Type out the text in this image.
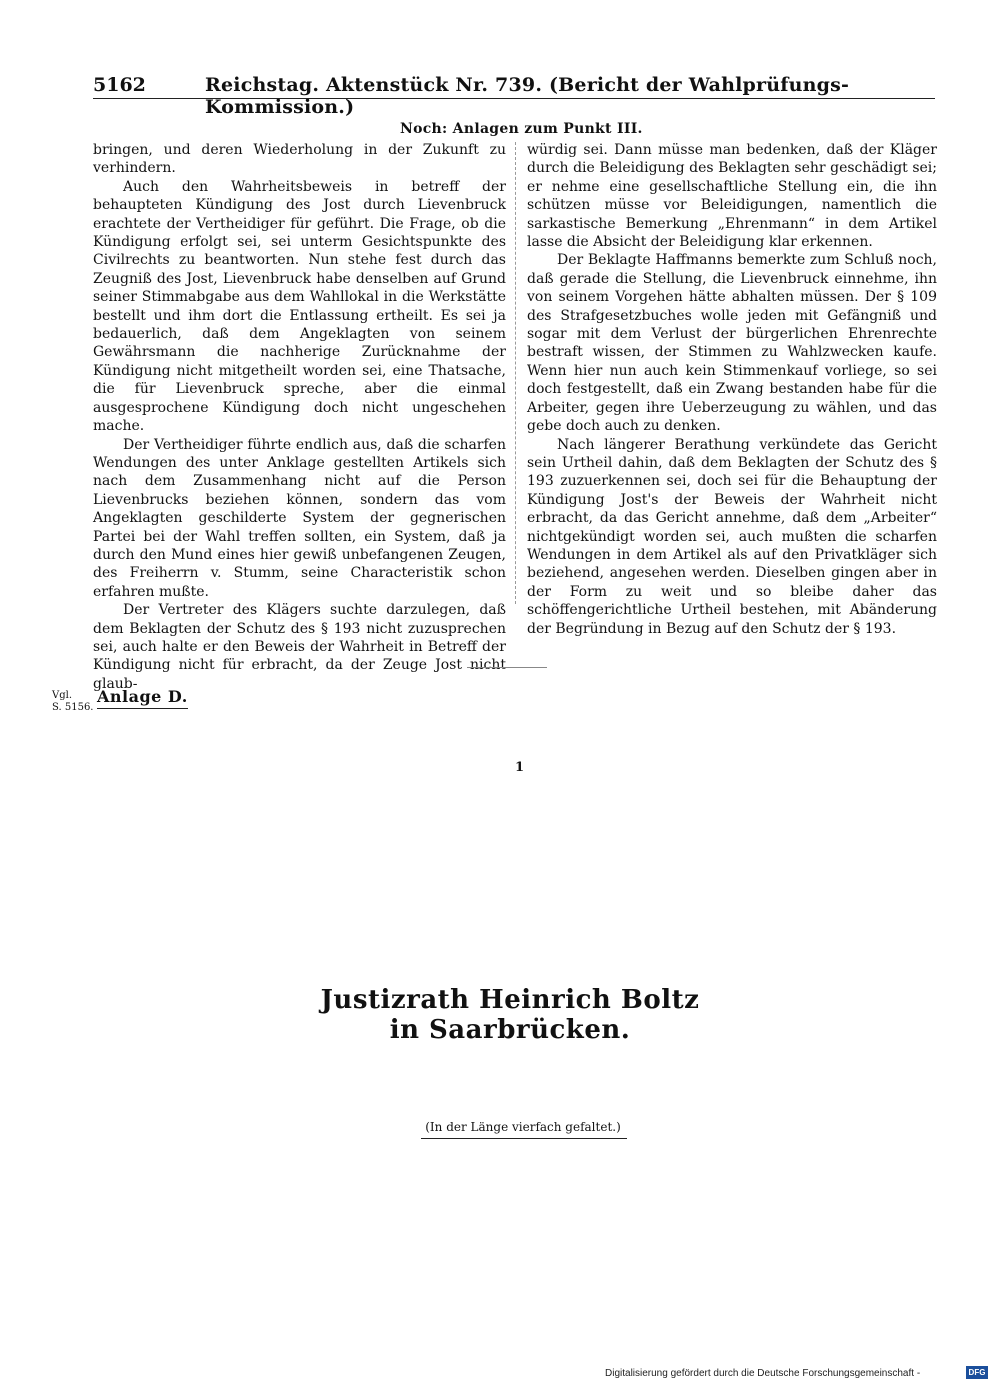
5162	Reichstag. Aktenstück Nr. 739. (Bericht der Wahlprüfungs-Kommission.)
Noch: Anlagen zum Punkt III.

bringen, und deren Wiederholung in der Zukunft zu verhindern.

Auch den Wahrheitsbeweis in betreff der behaupteten Kündigung des Jost durch Lievenbruck erachtete der Vertheidiger für geführt. Die Frage, ob die Kündigung erfolgt sei, sei unterm Gesichtspunkte des Civilrechts zu beantworten. Nun stehe fest durch das Zeugniß des Jost, Lievenbruck habe denselben auf Grund seiner Stimmabgabe aus dem Wahllokal in die Werkstätte bestellt und ihm dort die Entlassung ertheilt. Es sei ja bedauerlich, daß dem Angeklagten von seinem Gewährsmann die nachherige Zurücknahme der Kündigung nicht mitgetheilt worden sei, eine Thatsache, die für Lievenbruck spreche, aber die einmal ausgesprochene Kündigung doch nicht ungeschehen mache.

Der Vertheidiger führte endlich aus, daß die scharfen Wendungen des unter Anklage gestellten Artikels sich nach dem Zusammenhang nicht auf die Person Lievenbrucks beziehen können, sondern das vom Angeklagten geschilderte System der gegnerischen Partei bei der Wahl treffen sollten, ein System, daß ja durch den Mund eines hier gewiß unbefangenen Zeugen, des Freiherrn v. Stumm, seine Characteristik schon erfahren mußte.

Der Vertreter des Klägers suchte darzulegen, daß dem Beklagten der Schutz des § 193 nicht zuzusprechen sei, auch halte er den Beweis der Wahrheit in Betreff der Kündigung nicht für erbracht, da der Zeuge Jost nicht glaub-

würdig sei. Dann müsse man bedenken, daß der Kläger durch die Beleidigung des Beklagten sehr geschädigt sei; er nehme eine gesellschaftliche Stellung ein, die ihn schützen müsse vor Beleidigungen, namentlich die sarkastische Bemerkung „Ehrenmann“ in dem Artikel lasse die Absicht der Beleidigung klar erkennen.

Der Beklagte Haffmanns bemerkte zum Schluß noch, daß gerade die Stellung, die Lievenbruck einnehme, ihn von seinem Vorgehen hätte abhalten müssen. Der § 109 des Strafgesetzbuches wolle jeden mit Gefängniß und sogar mit dem Verlust der bürgerlichen Ehrenrechte bestraft wissen, der Stimmen zu Wahlzwecken kaufe. Wenn hier nun auch kein Stimmenkauf vorliege, so sei doch festgestellt, daß ein Zwang bestanden habe für die Arbeiter, gegen ihre Ueberzeugung zu wählen, und das gebe doch auch zu denken.

Nach längerer Berathung verkündete das Gericht sein Urtheil dahin, daß dem Beklagten der Schutz des § 193 zuzuerkennen sei, doch sei für die Behauptung der Kündigung Jost's der Beweis der Wahrheit nicht erbracht, da das Gericht annehme, daß dem „Arbeiter“ nichtgekündigt worden sei, auch mußten die scharfen Wendungen in dem Artikel als auf den Privatkläger sich beziehend, angesehen werden. Dieselben gingen aber in der Form zu weit und so bleibe daher das schöffengerichtliche Urtheil bestehen, mit Abänderung der Begründung in Bezug auf den Schutz der § 193.

Vgl.
S. 5156.
Anlage D.
1
Justizrath Heinrich Boltz
in Saarbrücken.
(In der Länge vierfach gefaltet.)
Digitalisierung gefördert durch die Deutsche Forschungsgemeinschaft -	DFG
